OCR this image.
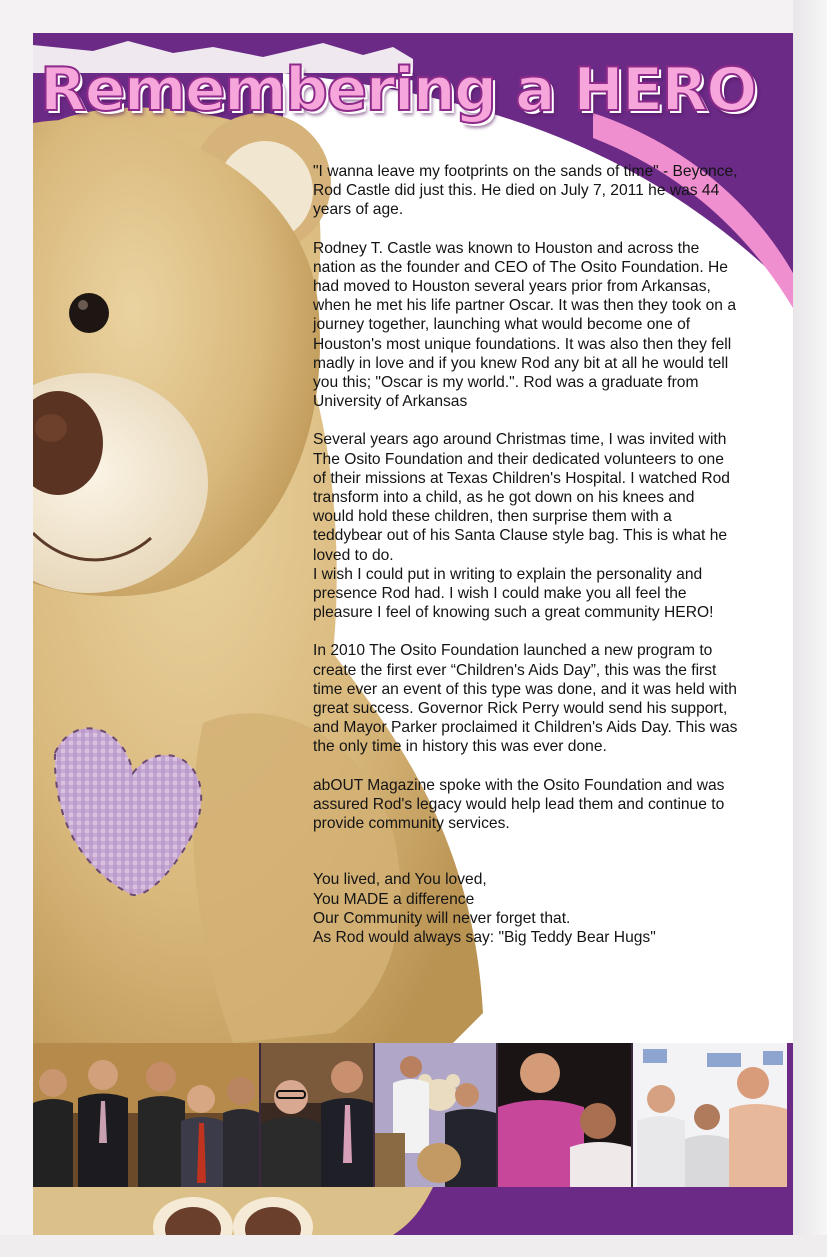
Remembering a HERO

"I wanna leave my footprints on the sands of time" - Beyonce, Rod Castle did just this. He died on July 7, 2011 he was 44 years of age.

Rodney T. Castle was known to Houston and across the nation as the founder and CEO of The Osito Foundation. He had moved to Houston several years prior from Arkansas, when he met his life partner Oscar. It was then they took on a journey together, launching what would become one of Houston's most unique foundations. It was also then they fell madly in love and if you knew Rod any bit at all he would tell you this; "Oscar is my world.". Rod was a graduate from University of Arkansas

Several years ago around Christmas time, I was invited with The Osito Foundation and their dedicated volunteers to one of their missions at Texas Children's Hospital. I watched Rod transform into a child, as he got down on his knees and would hold these children, then surprise them with a teddybear out of his Santa Clause style bag. This is what he loved to do.

I wish I could put in writing to explain the personality and presence Rod had. I wish I could make you all feel the pleasure I feel of knowing such a great community HERO!

In 2010 The Osito Foundation launched a new program to create the first ever “Children's Aids Day”, this was the first time ever an event of this type was done, and it was held with great success. Governor Rick Perry would send his support, and Mayor Parker proclaimed it Children's Aids Day. This was the only time in history this was ever done.

abOUT Magazine spoke with the Osito Foundation and was assured Rod's legacy would help lead them and continue to provide community services.

You lived, and You loved,

You MADE a difference

Our Community will never forget that.

As Rod would always say: "Big Teddy Bear Hugs"
